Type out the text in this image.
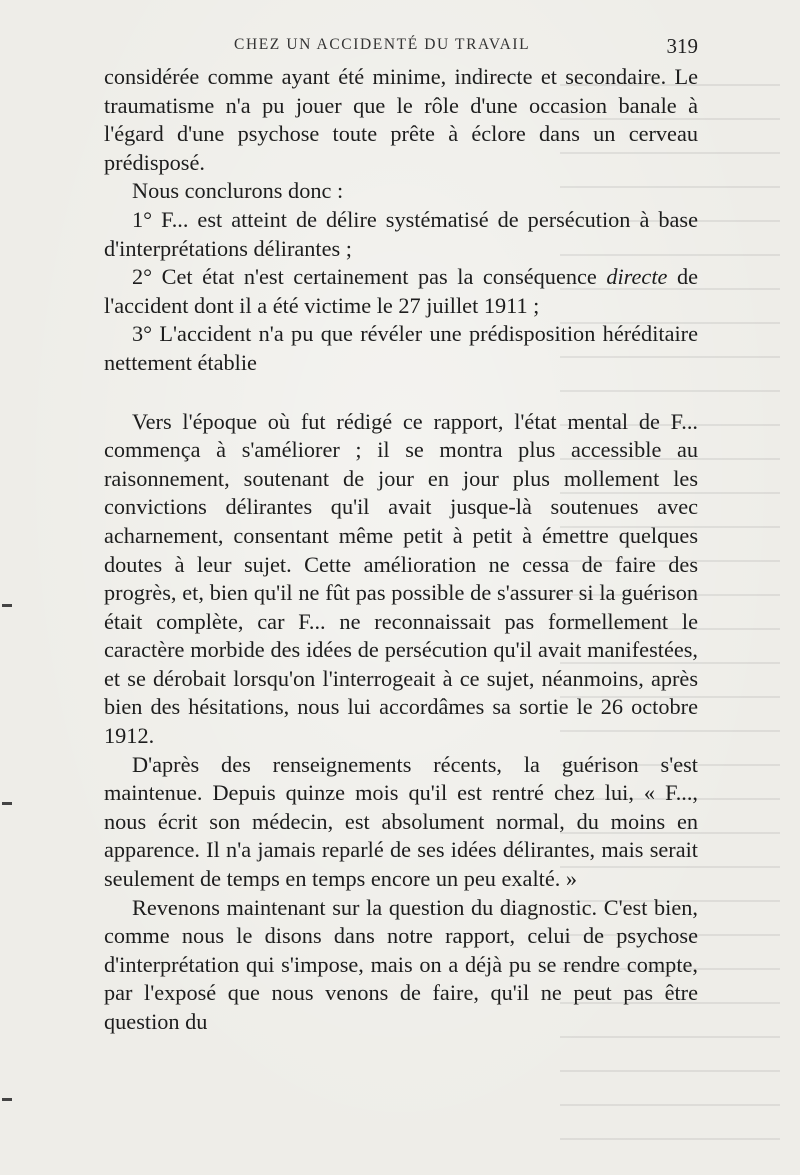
CHEZ UN ACCIDENTÉ DU TRAVAIL	319

considérée comme ayant été minime, indirecte et secondaire. Le traumatisme n'a pu jouer que le rôle d'une occasion banale à l'égard d'une psychose toute prête à éclore dans un cerveau prédisposé.

Nous conclurons donc :

1° F... est atteint de délire systématisé de persécution à base d'interprétations délirantes ;

2° Cet état n'est certainement pas la conséquence directe de l'accident dont il a été victime le 27 juillet 1911 ;

3° L'accident n'a pu que révéler une prédisposition héréditaire nettement établie

Vers l'époque où fut rédigé ce rapport, l'état mental de F... commença à s'améliorer ; il se montra plus accessible au raisonnement, soutenant de jour en jour plus mollement les convictions délirantes qu'il avait jusque-là soutenues avec acharnement, consentant même petit à petit à émettre quelques doutes à leur sujet. Cette amélioration ne cessa de faire des progrès, et, bien qu'il ne fût pas possible de s'assurer si la guérison était complète, car F... ne reconnaissait pas formellement le caractère morbide des idées de persécution qu'il avait manifestées, et se dérobait lorsqu'on l'interrogeait à ce sujet, néanmoins, après bien des hésitations, nous lui accordâmes sa sortie le 26 octobre 1912.

D'après des renseignements récents, la guérison s'est maintenue. Depuis quinze mois qu'il est rentré chez lui, « F..., nous écrit son médecin, est absolument normal, du moins en apparence. Il n'a jamais reparlé de ses idées délirantes, mais serait seulement de temps en temps encore un peu exalté. »

Revenons maintenant sur la question du diagnostic. C'est bien, comme nous le disons dans notre rapport, celui de psychose d'interprétation qui s'impose, mais on a déjà pu se rendre compte, par l'exposé que nous venons de faire, qu'il ne peut pas être question du
